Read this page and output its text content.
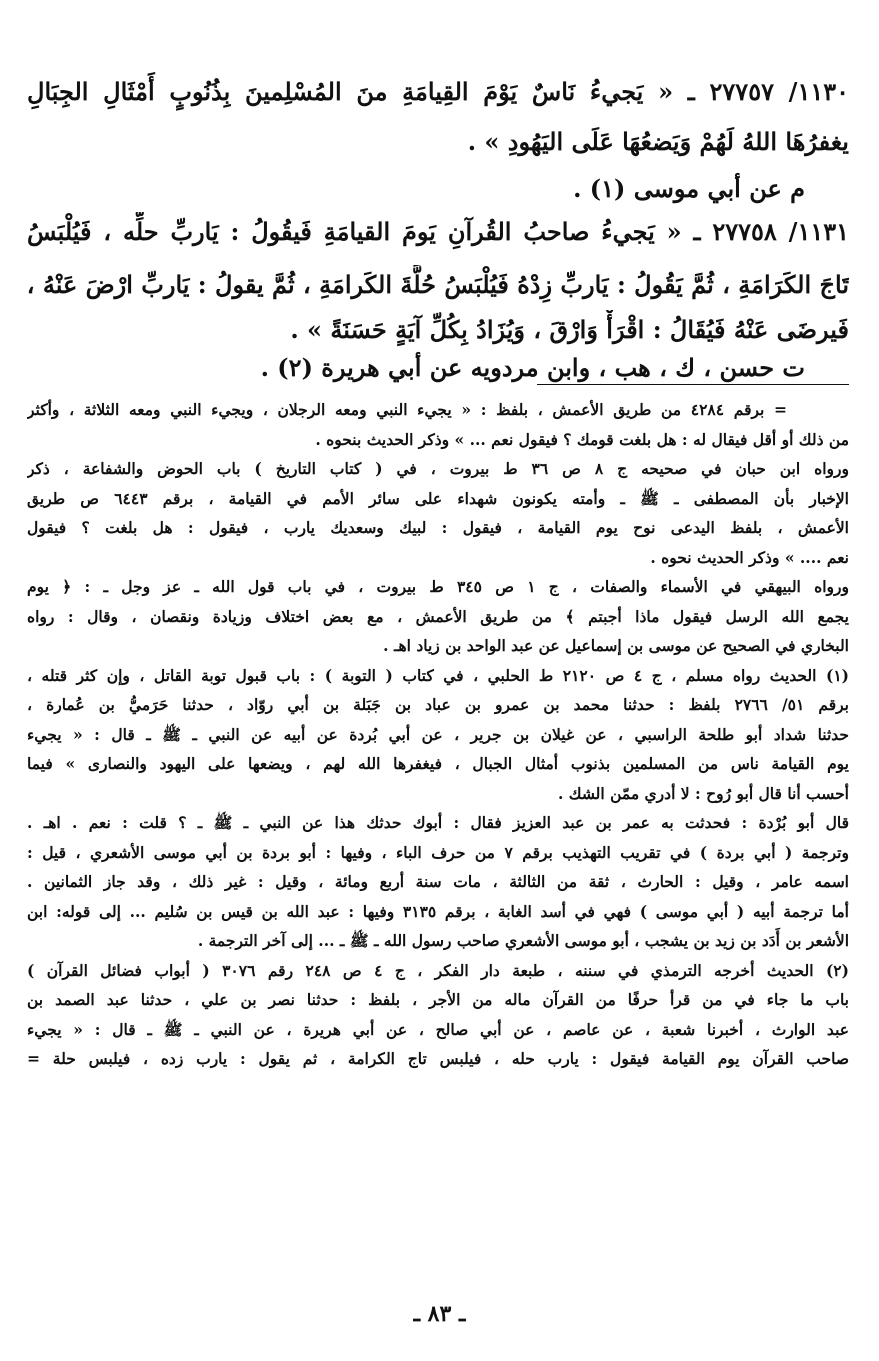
١١٣٠/ ٢٧٧٥٧ ـ « يَجيءُ نَاسٌ يَوْمَ القِيامَةِ منَ المُسْلِمينَ بِذُنُوبٍ أَمْثَالِ الجِبَالِ
يغفرُهَا اللهُ لَهُمْ وَيَضعُهَا عَلَى اليَهُودِ » .
م عن أبي موسى (١) .
١١٣١/ ٢٧٧٥٨ ـ « يَجيءُ صاحبُ القُرآنِ يَومَ القيامَةِ فَيقُولُ : يَاربِّ حلِّه ، فَيُلْبَسُ
تَاجَ الكَرَامَةِ ، ثُمَّ يَقُولُ : يَاربِّ زِدْهُ فَيُلْبَسُ حُلَّةَ الكَرامَةِ ، ثُمَّ يقولُ : يَاربِّ ارْضَ عَنْهُ ،
فَيرضَى عَنْهُ فَيُقَالُ : اقْرَأْ وَارْقَ ، وَيُزَادُ بِكُلِّ آيَةٍ حَسَنَةً » .
ت حسن ، ك ، هب ، وابن مردويه عن أبي هريرة (٢) .
= برقم ٤٢٨٤ من طريق الأعمش ، بلفظ : « يجيء النبي ومعه الرجلان ، ويجيء النبي ومعه الثلاثة ، وأكثر
من ذلك أو أقل فيقال له : هل بلغت قومك ؟ فيقول نعم ... » وذكر الحديث بنحوه .
ورواه ابن حبان في صحيحه ج ٨ ص ٣٦ ط بيروت ، في ( كتاب التاريخ ) باب الحوض والشفاعة ، ذكر
الإخبار بأن المصطفى ـ ﷺ ـ وأمته يكونون شهداء على سائر الأمم في القيامة ، برقم ٦٤٤٣ ص طريق
الأعمش ، بلفظ اليدعى نوح يوم القيامة ، فيقول : لبيك وسعديك يارب ، فيقول : هل بلغت ؟ فيقول
نعم .... » وذكر الحديث نحوه .
ورواه البيهقي في الأسماء والصفات ، ج ١ ص ٣٤٥ ط بيروت ، في باب قول الله ـ عز وجل ـ : ﴿ يوم
يجمع الله الرسل فيقول ماذا أجبتم ﴾ من طريق الأعمش ، مع بعض اختلاف وزيادة ونقصان ، وقال : رواه
البخاري في الصحيح عن موسى بن إسماعيل عن عبد الواحد بن زياد اهـ .
(١) الحديث رواه مسلم ، ج ٤ ص ٢١٢٠ ط الحلبي ، في كتاب ( التوبة ) : باب قبول توبة القاتل ، وإن كثر قتله ،
برقم ٥١/ ٢٧٦٦ بلفظ : حدثنا محمد بن عمرو بن عباد بن جَبَلة بن أبي روّاد ، حدثنا حَرَميُّ بن عُمارة ،
حدثنا شداد أبو طلحة الراسبي ، عن غيلان بن جرير ، عن أبي بُردة عن أبيه عن النبي ـ ﷺ ـ قال : « يجيء
يوم القيامة ناس من المسلمين بذنوب أمثال الجبال ، فيغفرها الله لهم ، ويضعها على اليهود والنصارى » فيما
أحسب أنا قال أبو رُوح : لا أدري ممّن الشك .
قال أبو بُرْدة : فحدثت به عمر بن عبد العزيز فقال : أبوك حدثك هذا عن النبي ـ ﷺ ـ ؟ قلت : نعم . اهـ .
وترجمة ( أبي بردة ) في تقريب التهذيب برقم ٧ من حرف الباء ، وفيها : أبو بردة بن أبي موسى الأشعري ، قيل :
اسمه عامر ، وقيل : الحارث ، ثقة من الثالثة ، مات سنة أربع ومائة ، وقيل : غير ذلك ، وقد جاز الثمانين .
أما ترجمة أبيه ( أبي موسى ) فهي في أسد الغابة ، برقم ٣١٣٥ وفيها : عبد الله بن قيس بن سُليم ... إلى قوله: ابن
الأشعر بن أَدَد بن زيد بن يشجب ، أبو موسى الأشعري صاحب رسول الله ـ ﷺ ـ ... إلى آخر الترجمة .
(٢) الحديث أخرجه الترمذي في سننه ، طبعة دار الفكر ، ج ٤ ص ٢٤٨ رقم ٣٠٧٦ ( أبواب فضائل القرآن )
باب ما جاء في من قرأ حرفًا من القرآن ماله من الأجر ، بلفظ : حدثنا نصر بن علي ، حدثنا عبد الصمد بن
عبد الوارث ، أخبرنا شعبة ، عن عاصم ، عن أبي صالح ، عن أبي هريرة ، عن النبي ـ ﷺ ـ قال : « يجيء
صاحب القرآن يوم القيامة فيقول : يارب حله ، فيلبس تاج الكرامة ، ثم يقول : يارب زده ، فيلبس حلة =
ـ ٨٣ ـ
